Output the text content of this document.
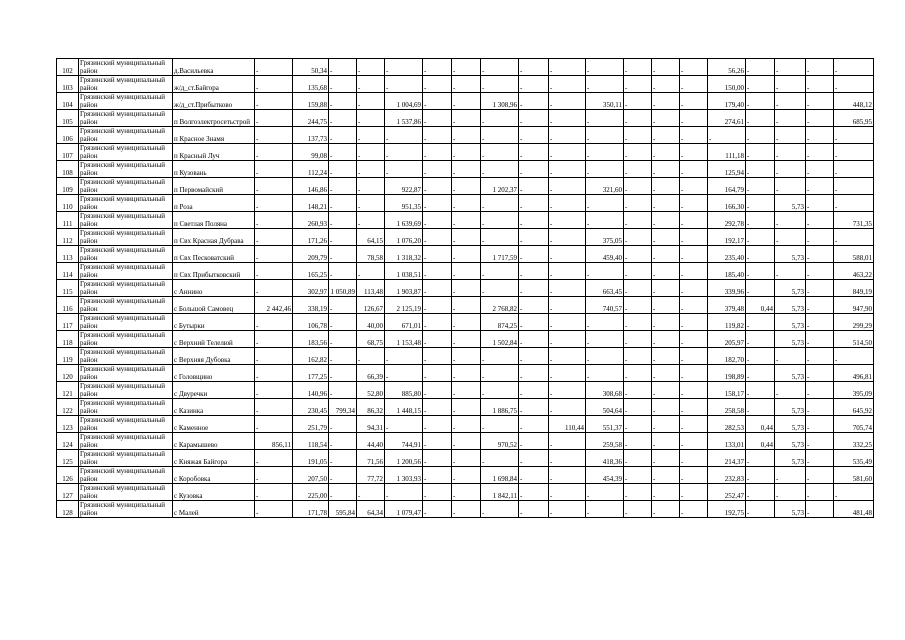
102	Грязинский муниципальный район	д.Васильевка	-	50,34	-	-	-	-	-	-	-	-	-	-	-	-	56,26	-	-	-	-
103	Грязинский муниципальный район	ж/д_ст.Байгора	-	135,68	-	-	-	-	-	-	-	-	-	-	-	-	150,00	-	-	-	-
104	Грязинский муниципальный район	ж/д_ст.Прибытково	-	159,88	-	-	1 004,69	-	-	1 308,96	-	-	350,11	-	-	-	179,40	-	-	-	448,12
105	Грязинский муниципальный район	п Волгоэлектросетьстрой	-	244,75	-	-	1 537,86	-	-	-	-	-	-	-	-	-	274,61	-	-	-	685,95
106	Грязинский муниципальный район	п Красное Знамя	-	137,73	-	-	-	-	-	-	-	-	-	-	-	-	-	-	-	-	-
107	Грязинский муниципальный район	п Красный Луч	-	99,08	-	-	-	-	-	-	-	-	-	-	-	-	111,18	-	-	-	-
108	Грязинский муниципальный район	п Кузовань	-	112,24	-	-	-	-	-	-	-	-	-	-	-	-	125,94	-	-	-	-
109	Грязинский муниципальный район	п Первомайский	-	146,86	-	-	922,87	-	-	1 202,37	-	-	321,60	-	-	-	164,79	-	-	-	-
110	Грязинский муниципальный район	п Роза	-	148,21	-	-	951,35	-	-	-	-	-	-	-	-	-	166,30	-	5,73	-	-
111	Грязинский муниципальный район	п Светлая Поляна	-	260,93	-	-	1 639,69	-	-	-	-	-	-	-	-	-	292,78	-	-	-	731,35
112	Грязинский муниципальный район	п Свх Красная Дубрава	-	171,26	-	64,15	1 076,20	-	-	-	-	-	375,05	-	-	-	192,17	-	-	-	-
113	Грязинский муниципальный район	п Свх Песковатский	-	209,79	-	78,58	1 318,32	-	-	1 717,59	-	-	459,40	-	-	-	235,40	-	5,73	-	588,01
114	Грязинский муниципальный район	п Свх Прибытковский	-	165,25	-	-	1 038,51	-	-	-	-	-	-	-	-	-	185,40	-	-	-	463,22
115	Грязинский муниципальный район	с Аннино	-	302,97	1 050,89	113,48	1 903,87	-	-	-	-	-	663,45	-	-	-	339,96	-	5,73	-	849,19
116	Грязинский муниципальный район	с Большой Самовец	2 442,46	338,19	-	126,67	2 125,19	-	-	2 768,82	-	-	740,57	-	-	-	379,48	0,44	5,73	-	947,90
117	Грязинский муниципальный район	с Бутырки	-	106,78	-	40,00	671,01	-	-	874,25	-	-	-	-	-	-	119,82	-	5,73	-	299,29
118	Грязинский муниципальный район	с Верхний Телелюй	-	183,56	-	68,75	1 153,48	-	-	1 502,84	-	-	-	-	-	-	205,97	-	5,73	-	514,50
119	Грязинский муниципальный район	с Верхняя Дубовка	-	162,82	-	-	-	-	-	-	-	-	-	-	-	-	182,70	-	-	-	-
120	Грязинский муниципальный район	с Головщино	-	177,25	-	66,39	-	-	-	-	-	-	-	-	-	-	198,89	-	5,73	-	496,81
121	Грязинский муниципальный район	с Двуречки	-	140,96	-	52,80	885,80	-	-	-	-	-	308,68	-	-	-	158,17	-	-	-	395,09
122	Грязинский муниципальный район	с Казинка	-	230,45	799,34	86,32	1 448,15	-	-	1 886,75	-	-	504,64	-	-	-	258,58	-	5,73	-	645,92
123	Грязинский муниципальный район	с Каменное	-	251,79	-	94,31	-	-	-	-	-	110,44	551,37	-	-	-	282,53	0,44	5,73	-	705,74
124	Грязинский муниципальный район	с Карамышево	856,11	118,54	-	44,40	744,91	-	-	970,52	-	-	259,58	-	-	-	133,01	0,44	5,73	-	332,25
125	Грязинский муниципальный район	с Княжая Байгора	-	191,05	-	71,56	1 200,56	-	-	-	-	-	418,36	-	-	-	214,37	-	5,73	-	535,49
126	Грязинский муниципальный район	с Коробовка	-	207,50	-	77,72	1 303,93	-	-	1 698,84	-	-	454,39	-	-	-	232,83	-	-	-	581,60
127	Грязинский муниципальный район	с Кузовка	-	225,00	-	-	-	-	-	1 842,11	-	-	-	-	-	-	252,47	-	-	-	-
128	Грязинский муниципальный район	с Малей	-	171,78	595,84	64,34	1 079,47	-	-	-	-	-	-	-	-	-	192,75	-	5,73	-	481,48
